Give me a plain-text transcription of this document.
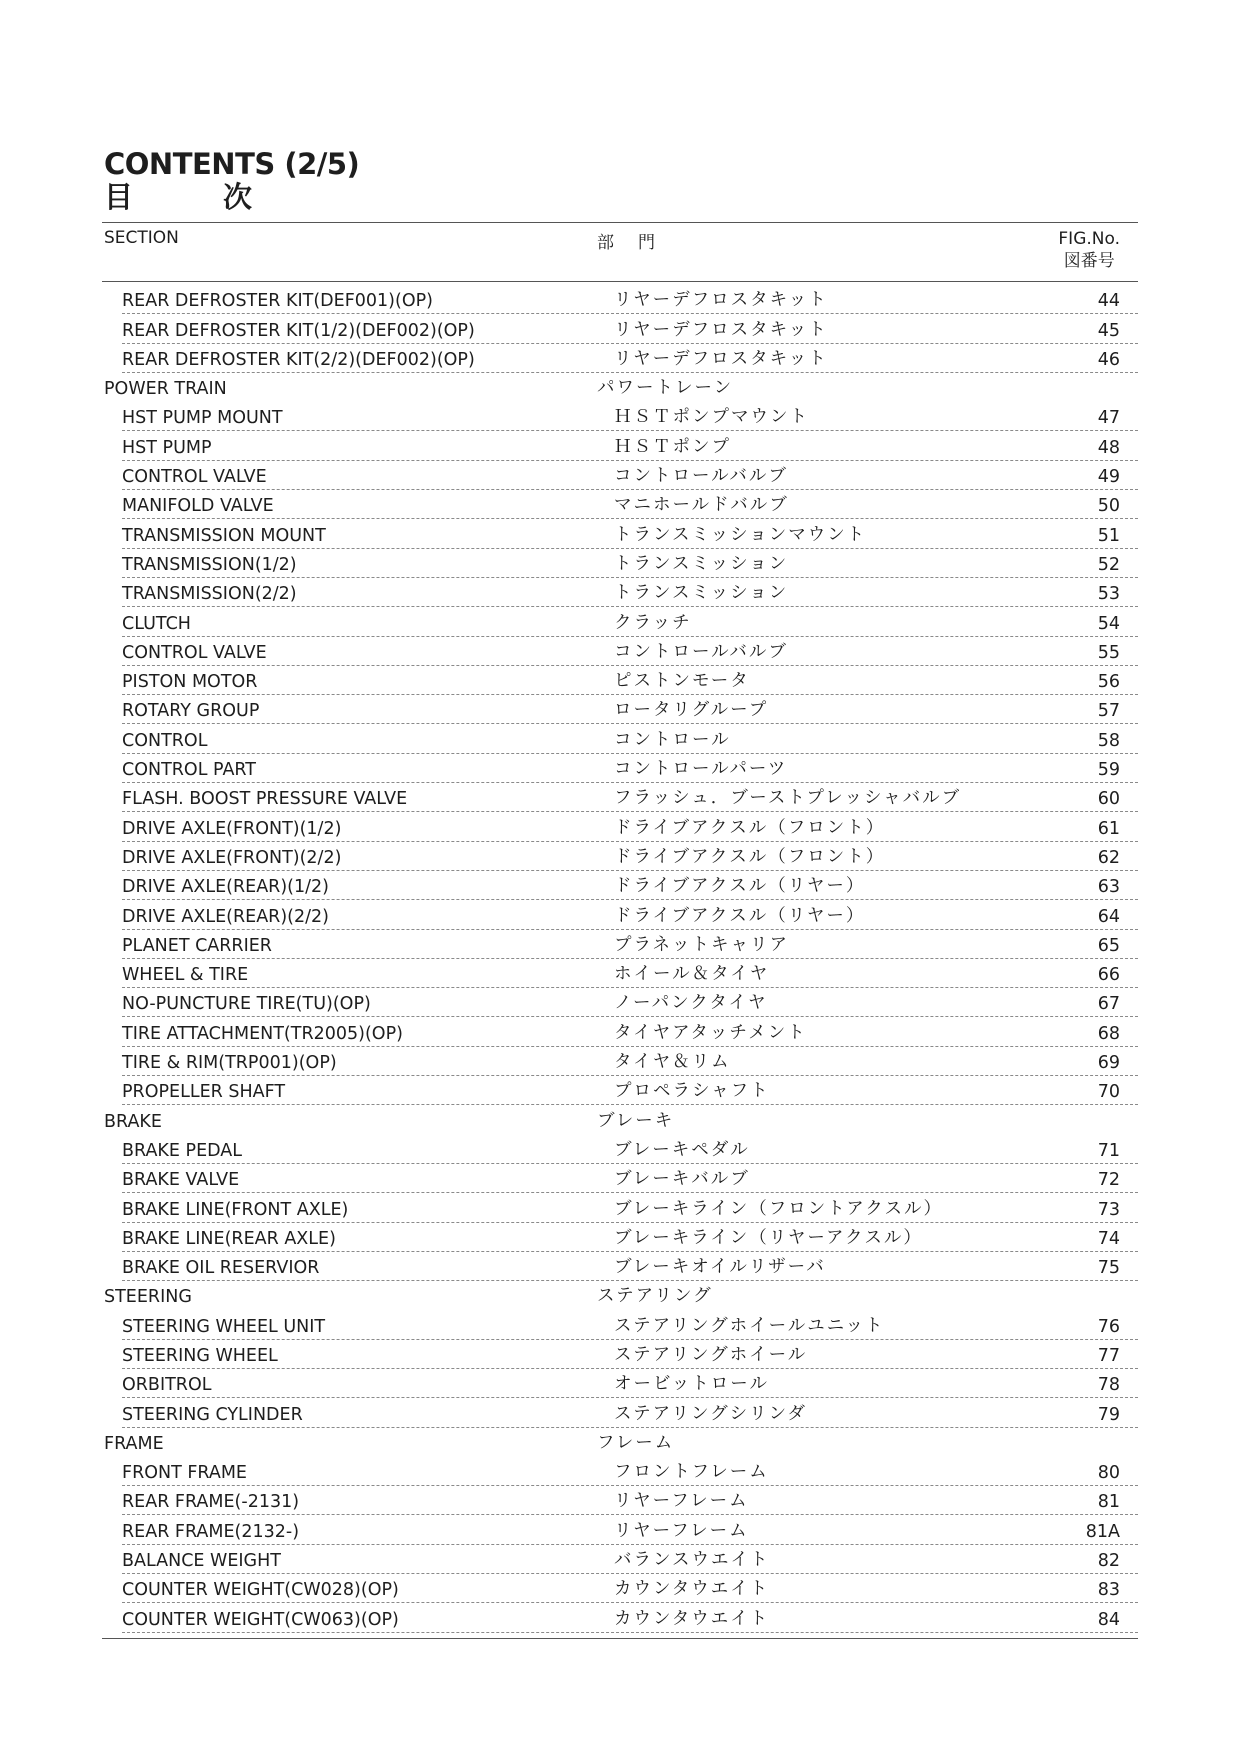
CONTENTS (2/5)
目次
SECTION	部門	FIG.No.
図番号
REAR DEFROSTER KIT(DEF001)(OP)	リヤーデフロスタキット	44
REAR DEFROSTER KIT(1/2)(DEF002)(OP)	リヤーデフロスタキット	45
REAR DEFROSTER KIT(2/2)(DEF002)(OP)	リヤーデフロスタキット	46
POWER TRAIN	パワートレーン
HST PUMP MOUNT	ＨＳＴポンプマウント	47
HST PUMP	ＨＳＴポンプ	48
CONTROL VALVE	コントロールバルブ	49
MANIFOLD VALVE	マニホールドバルブ	50
TRANSMISSION MOUNT	トランスミッションマウント	51
TRANSMISSION(1/2)	トランスミッション	52
TRANSMISSION(2/2)	トランスミッション	53
CLUTCH	クラッチ	54
CONTROL VALVE	コントロールバルブ	55
PISTON MOTOR	ピストンモータ	56
ROTARY GROUP	ロータリグループ	57
CONTROL	コントロール	58
CONTROL PART	コントロールパーツ	59
FLASH. BOOST PRESSURE VALVE	フラッシュ．ブーストプレッシャバルブ	60
DRIVE AXLE(FRONT)(1/2)	ドライブアクスル（フロント）	61
DRIVE AXLE(FRONT)(2/2)	ドライブアクスル（フロント）	62
DRIVE AXLE(REAR)(1/2)	ドライブアクスル（リヤー）	63
DRIVE AXLE(REAR)(2/2)	ドライブアクスル（リヤー）	64
PLANET CARRIER	プラネットキャリア	65
WHEEL & TIRE	ホイール＆タイヤ	66
NO-PUNCTURE TIRE(TU)(OP)	ノーパンクタイヤ	67
TIRE ATTACHMENT(TR2005)(OP)	タイヤアタッチメント	68
TIRE & RIM(TRP001)(OP)	タイヤ＆リム	69
PROPELLER SHAFT	プロペラシャフト	70
BRAKE	ブレーキ
BRAKE PEDAL	ブレーキペダル	71
BRAKE VALVE	ブレーキバルブ	72
BRAKE LINE(FRONT AXLE)	ブレーキライン（フロントアクスル）	73
BRAKE LINE(REAR AXLE)	ブレーキライン（リヤーアクスル）	74
BRAKE OIL RESERVIOR	ブレーキオイルリザーバ	75
STEERING	ステアリング
STEERING WHEEL UNIT	ステアリングホイールユニット	76
STEERING WHEEL	ステアリングホイール	77
ORBITROL	オービットロール	78
STEERING CYLINDER	ステアリングシリンダ	79
FRAME	フレーム
FRONT FRAME	フロントフレーム	80
REAR FRAME(-2131)	リヤーフレーム	81
REAR FRAME(2132-)	リヤーフレーム	81A
BALANCE WEIGHT	バランスウエイト	82
COUNTER WEIGHT(CW028)(OP)	カウンタウエイト	83
COUNTER WEIGHT(CW063)(OP)	カウンタウエイト	84
